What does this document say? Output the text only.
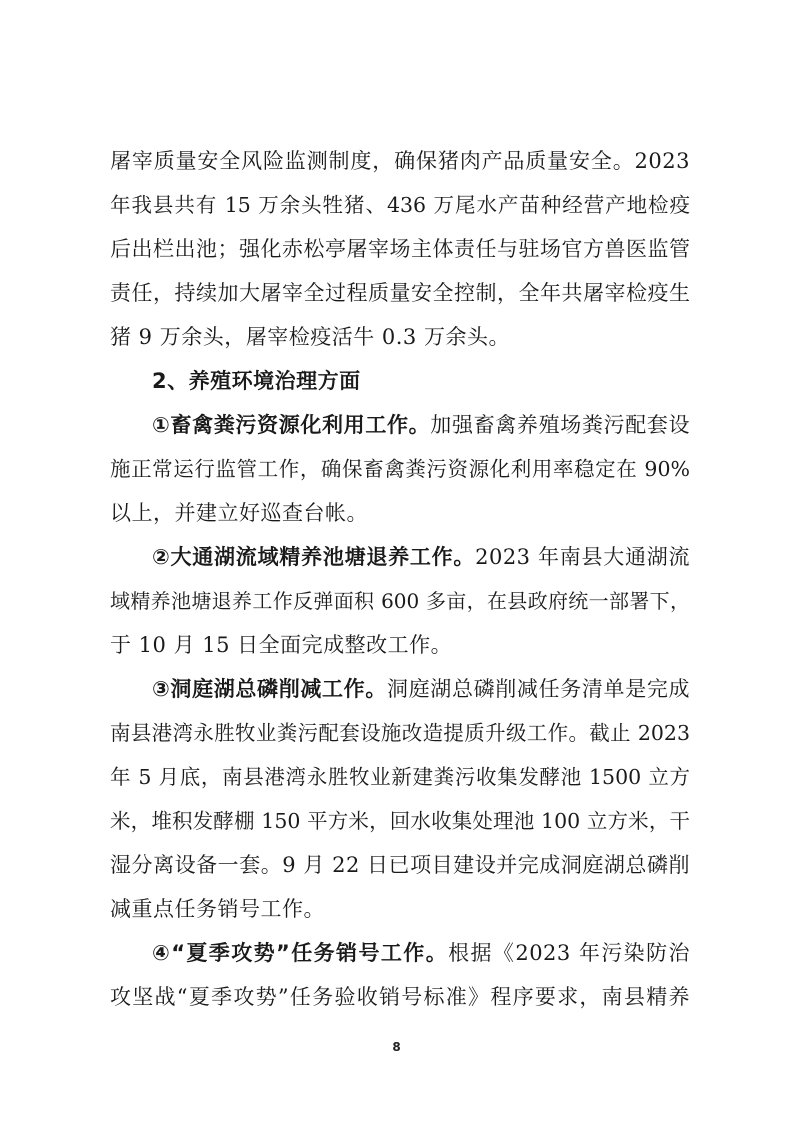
屠宰质量安全风险监测制度，确保猪肉产品质量安全。2023
年我县共有 15 万余头牲猪、436 万尾水产苗种经营产地检疫
后出栏出池；强化赤松亭屠宰场主体责任与驻场官方兽医监管
责任，持续加大屠宰全过程质量安全控制，全年共屠宰检疫生
猪 9 万余头，屠宰检疫活牛 0.3 万余头。
2、养殖环境治理方面
①畜禽粪污资源化利用工作。加强畜禽养殖场粪污配套设
施正常运行监管工作，确保畜禽粪污资源化利用率稳定在 90%
以上，并建立好巡查台帐。
②大通湖流域精养池塘退养工作。2023 年南县大通湖流
域精养池塘退养工作反弹面积 600 多亩，在县政府统一部署下，
于 10 月 15 日全面完成整改工作。
③洞庭湖总磷削减工作。洞庭湖总磷削减任务清单是完成
南县港湾永胜牧业粪污配套设施改造提质升级工作。截止 2023
年 5 月底，南县港湾永胜牧业新建粪污收集发酵池 1500 立方
米，堆积发酵棚 150 平方米，回水收集处理池 100 立方米，干
湿分离设备一套。9 月 22 日已项目建设并完成洞庭湖总磷削
减重点任务销号工作。
④“夏季攻势”任务销号工作。根据《2023 年污染防治
攻坚战“夏季攻势”任务验收销号标准》程序要求，南县精养
8
